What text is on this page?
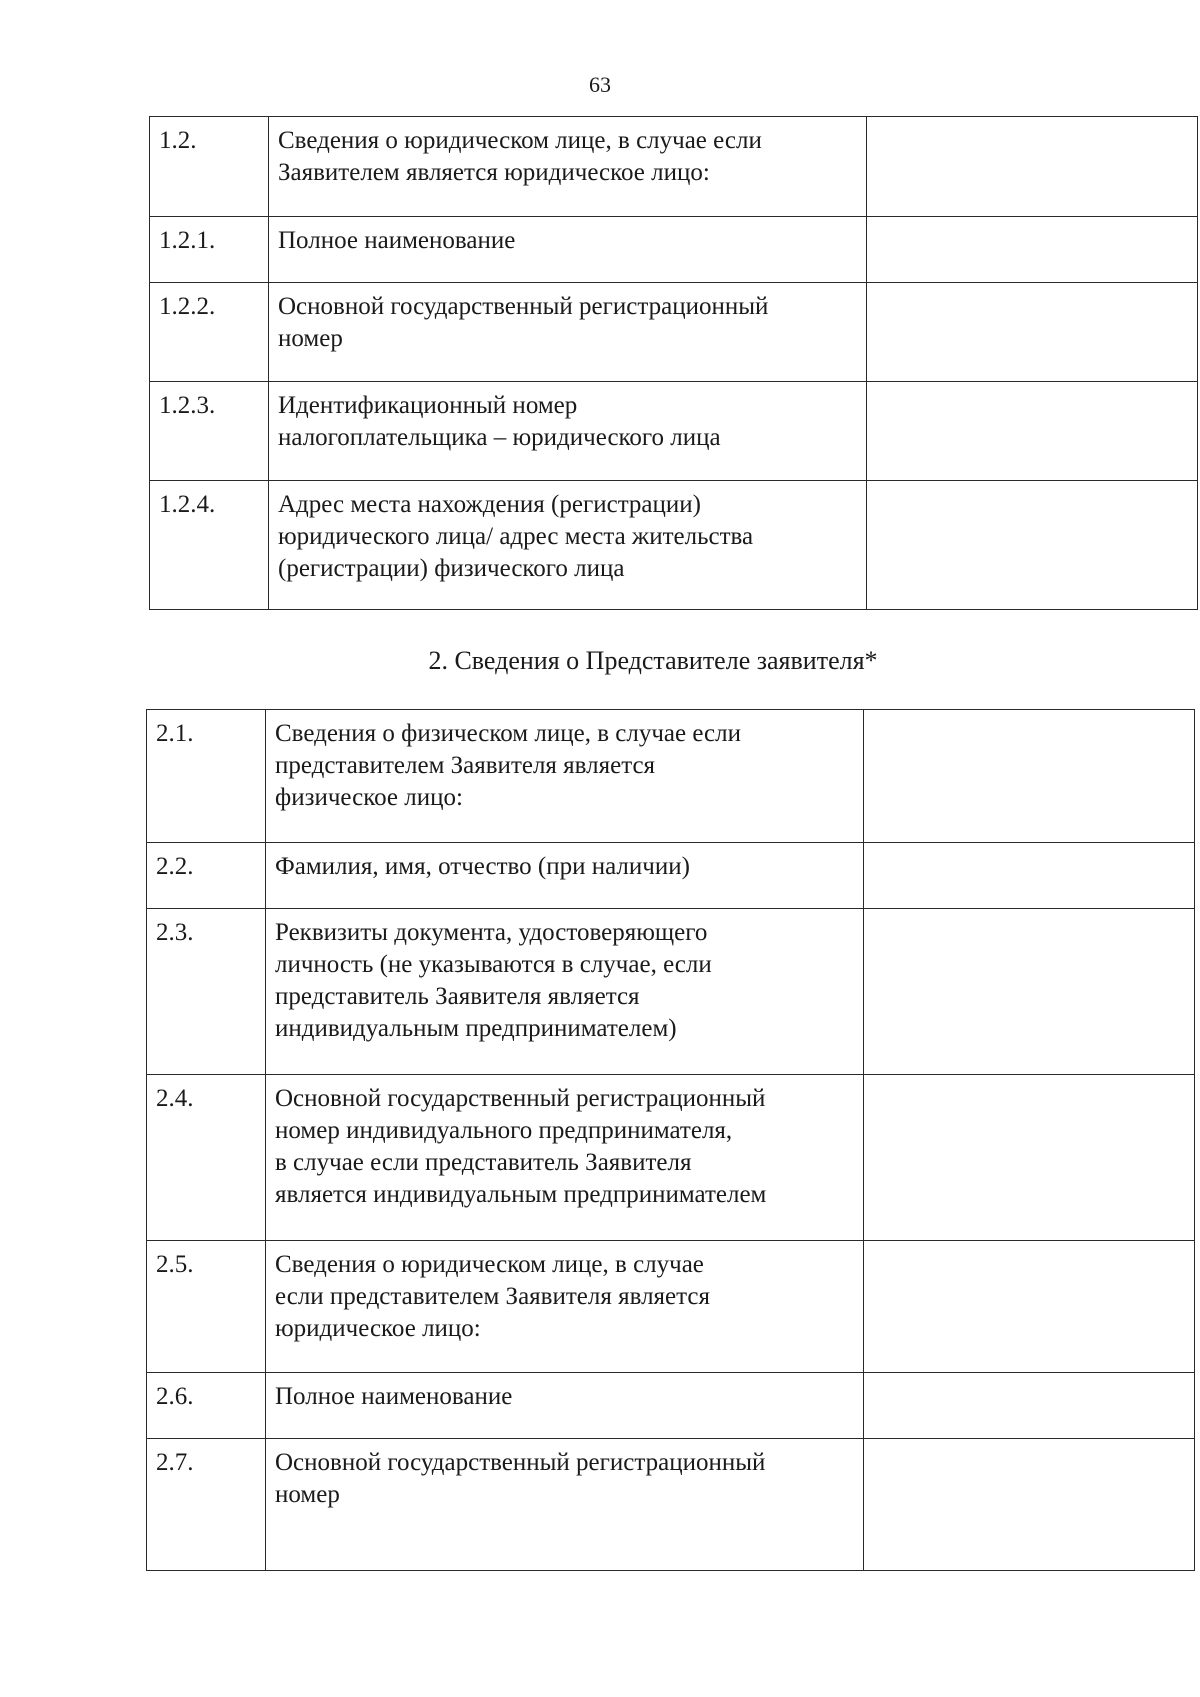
63
1.2.	Сведения о юридическом лице, в случае если
Заявителем является юридическое лицо:	

1.2.1.	Полное наименование	

1.2.2.	Основной государственный регистрационный
номер	

1.2.3.	Идентификационный номер
налогоплательщика – юридического лица	

1.2.4.	Адрес места нахождения (регистрации)
юридического лица/ адрес места жительства
(регистрации) физического лица	

2. Сведения о Представителе заявителя*
2.1.	Сведения о физическом лице, в случае если
представителем Заявителя является
физическое лицо:	

2.2.	Фамилия, имя, отчество (при наличии)	

2.3.	Реквизиты документа, удостоверяющего
личность (не указываются в случае, если
представитель Заявителя является
индивидуальным предпринимателем)	

2.4.	Основной государственный регистрационный
номер индивидуального предпринимателя,
в случае если представитель Заявителя
является индивидуальным предпринимателем	

2.5.	Сведения о юридическом лице, в случае
если представителем Заявителя является
юридическое лицо:	

2.6.	Полное наименование	

2.7.	Основной государственный регистрационный
номер	
